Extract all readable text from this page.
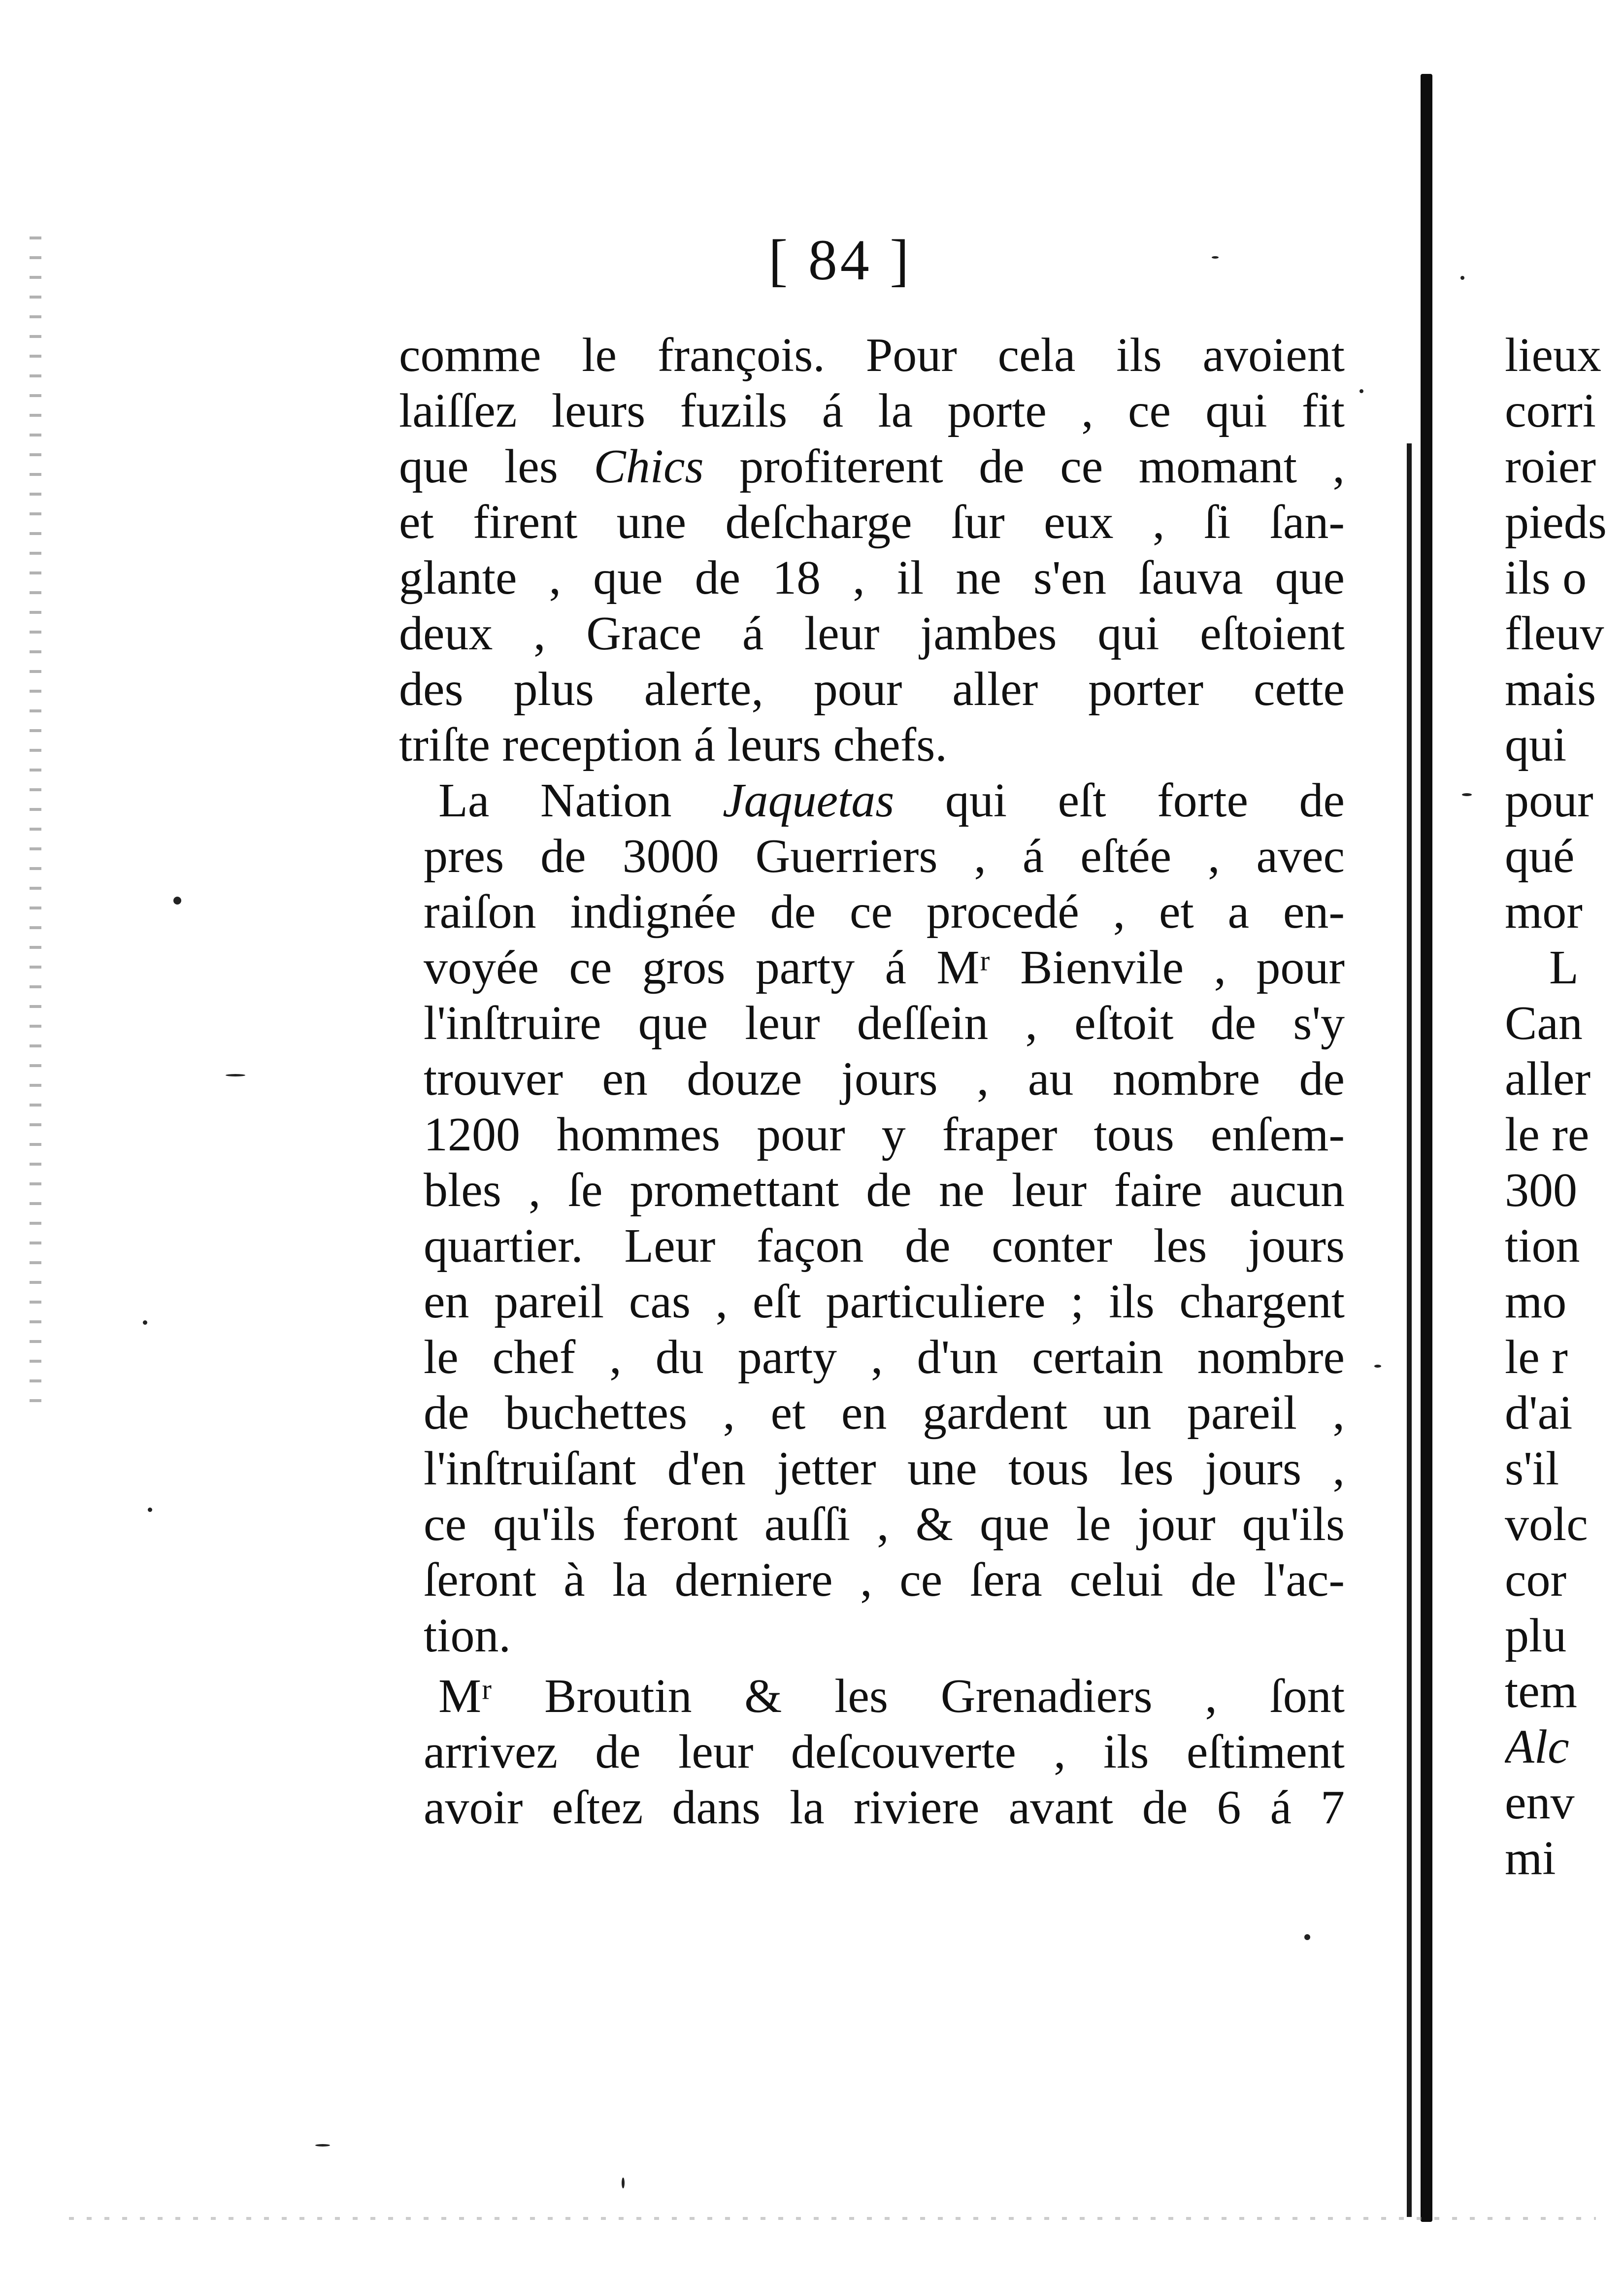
[ 84 ]
comme le françois. Pour cela ils avoient
laiſſez leurs fuzils á la porte , ce qui fit
que les Chics profiterent de ce momant ,
et firent une deſcharge ſur eux , ſi ſan-
glante , que de 18 , il ne s'en ſauva que
deux , Grace á leur jambes qui eſtoient
des plus alerte, pour aller porter cette
triſte reception á leurs chefs.
La Nation Jaquetas qui eſt forte de
pres de 3000 Guerriers , á eſtée , avec
raiſon indignée de ce procedé , et a en-
voyée ce gros party á Mʳ Bienvile , pour
l'inſtruire que leur deſſein , eſtoit de s'y
trouver en douze jours , au nombre de
1200 hommes pour y fraper tous enſem-
bles , ſe promettant de ne leur faire aucun
quartier. Leur façon de conter les jours
en pareil cas , eſt particuliere ; ils chargent
le chef , du party , d'un certain nombre
de buchettes , et en gardent un pareil ,
l'inſtruiſant d'en jetter une tous les jours ,
ce qu'ils feront auſſi , & que le jour qu'ils
ſeront à la derniere , ce ſera celui de l'ac-
tion.
Mʳ Broutin & les Grenadiers , ſont
arrivez de leur deſcouverte , ils eſtiment
avoir eſtez dans la riviere avant de 6 á 7
lieux
corri
roier
pieds
ils o
fleuv
mais
qui
pour
qué
mor
L
Can
aller
le re
300
tion
mo
le r
d'ai
s'il
volc
cor
plu
tem
Alc
env
mi
